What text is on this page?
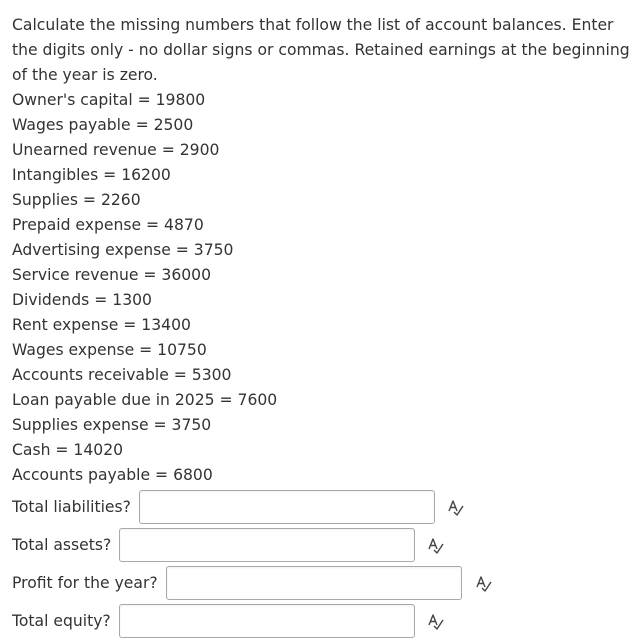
Calculate the missing numbers that follow the list of account balances. Enter the digits only - no dollar signs or commas. Retained earnings at the beginning of the year is zero.

Owner's capital = 19800
Wages payable = 2500
Unearned revenue = 2900
Intangibles = 16200
Supplies = 2260
Prepaid expense = 4870
Advertising expense = 3750
Service revenue = 36000
Dividends = 1300
Rent expense = 13400
Wages expense = 10750
Accounts receivable = 5300
Loan payable due in 2025 = 7600
Supplies expense = 3750
Cash = 14020
Accounts payable = 6800
Total liabilities?
Total assets?
Profit for the year?
Total equity?
